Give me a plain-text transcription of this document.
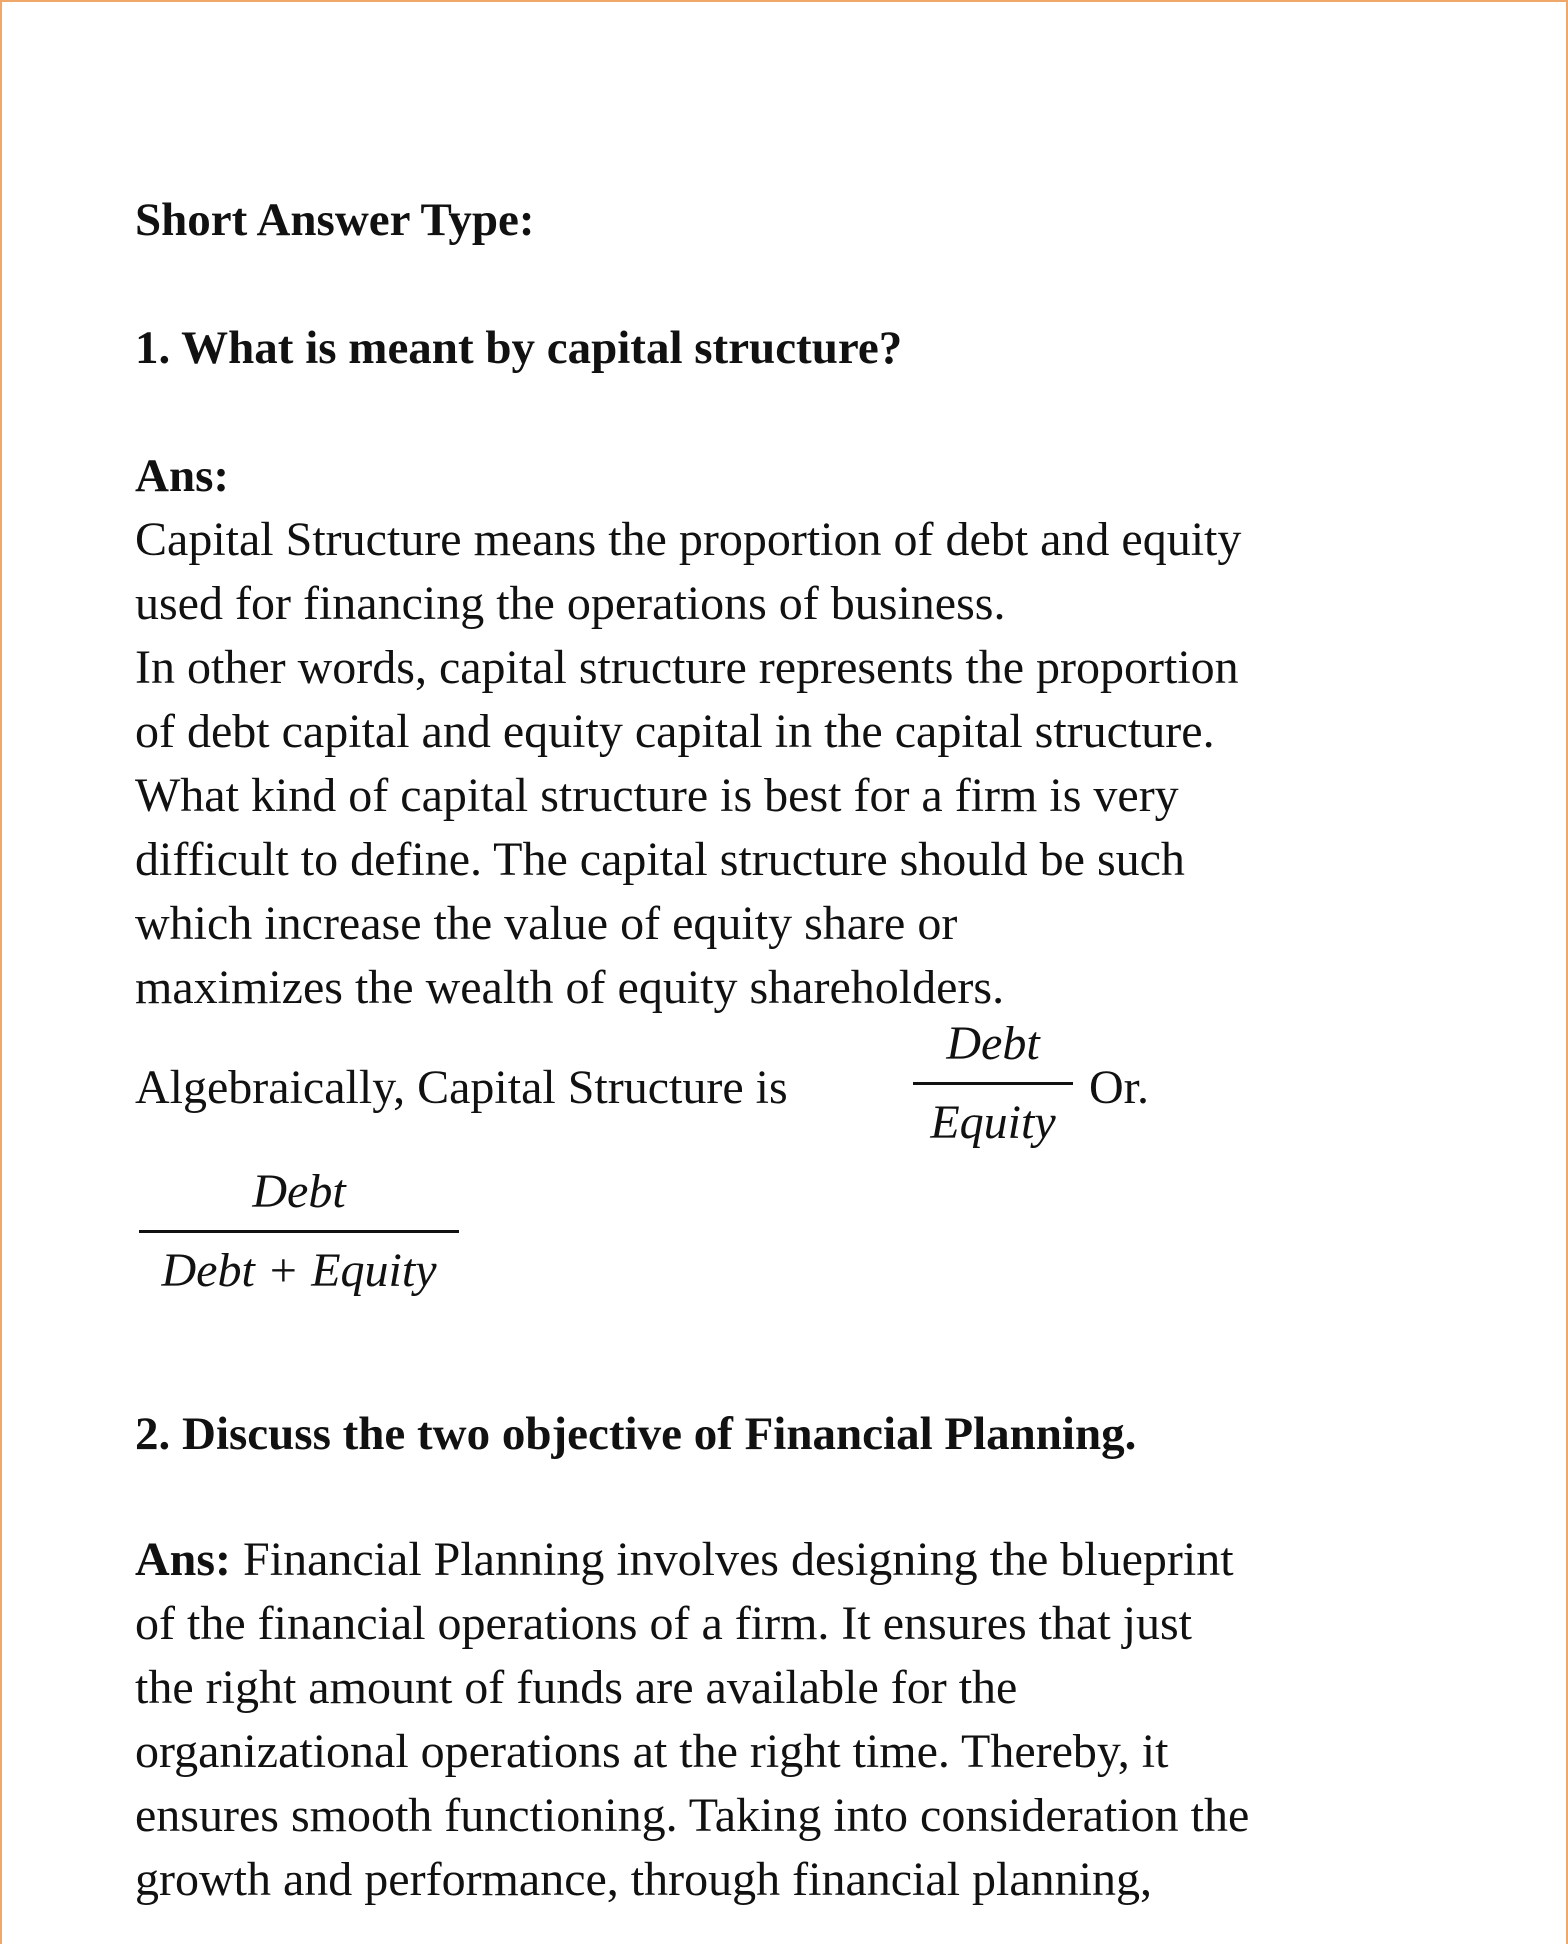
Short Answer Type:
1. What is meant by capital structure?
Ans:
Capital Structure means the proportion of debt and equity
used for financing the operations of business.
In other words, capital structure represents the proportion
of debt capital and equity capital in the capital structure.
What kind of capital structure is best for a firm is very
difficult to define. The capital structure should be such
which increase the value of equity share or
maximizes the wealth of equity shareholders.
Algebraically, Capital Structure is
Debt
Equity
Or.
Debt
Debt + Equity
2. Discuss the two objective of Financial Planning.
Ans: Financial Planning involves designing the blueprint
of the financial operations of a firm. It ensures that just
the right amount of funds are available for the
organizational operations at the right time. Thereby, it
ensures smooth functioning. Taking into consideration the
growth and performance, through financial planning,
